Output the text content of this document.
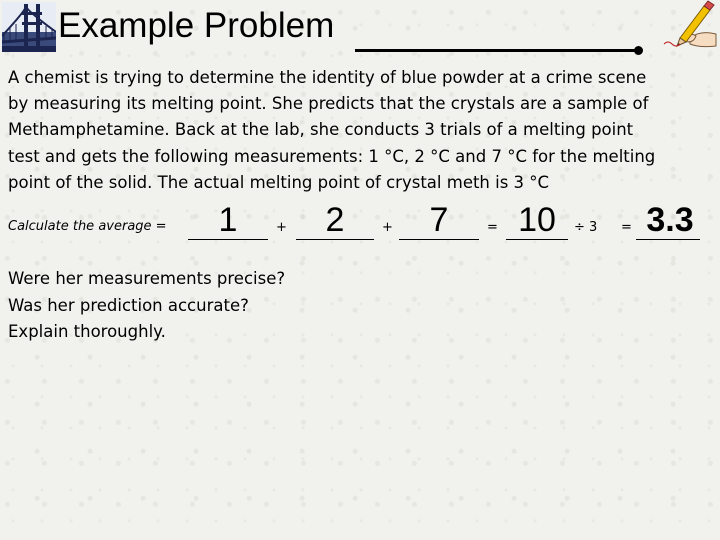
Example Problem
A chemist is trying to determine the identity of blue powder at a crime scene
by measuring its melting point. She predicts that the crystals are a sample of
Methamphetamine. Back at the lab, she conducts 3 trials of a melting point
test and gets the following measurements: 1 °C, 2 °C and 7 °C for the melting
point of the solid. The actual melting point of crystal meth is 3 °C
Calculate the average =	1	+	2	+	7	= 10	÷ 3 = 3.3
Were her measurements precise?
Was her prediction accurate?
Explain thoroughly.
